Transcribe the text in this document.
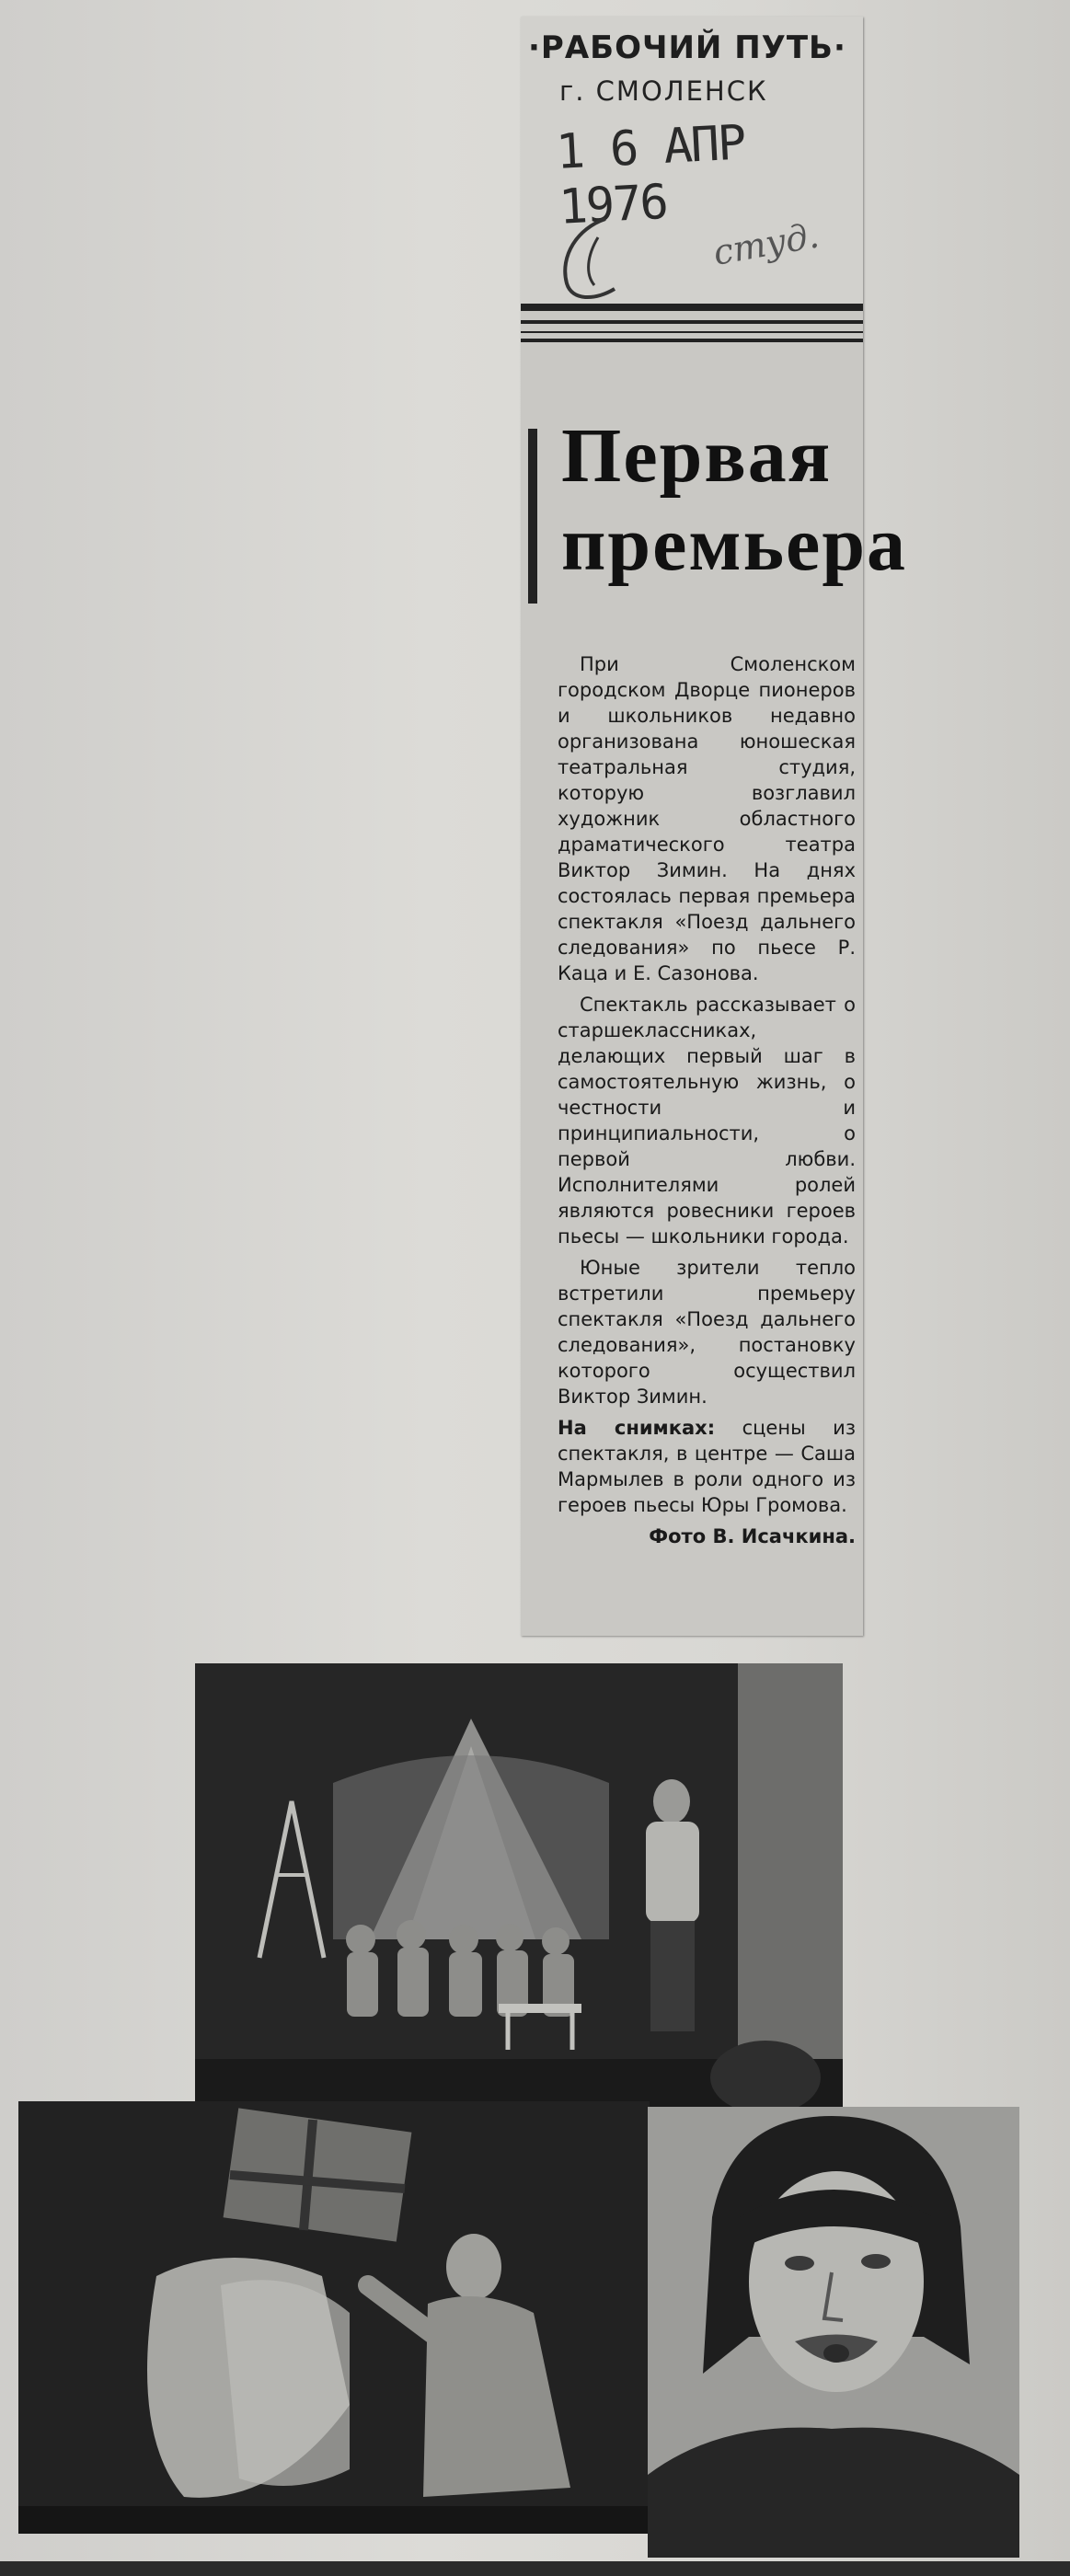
·РАБОЧИЙ ПУТЬ·
г. СМОЛЕНСК
1 6 АПР 1976
студ.
Первая
премьера

При Смоленском городском Дворце пионеров и школьников недавно организована юношеская театральная студия, которую возглавил художник областного драматического театра Виктор Зимин. На днях состоялась первая премьера спектакля «Поезд дальнего следования» по пьесе Р. Каца и Е. Сазонова.

Спектакль рассказывает о старшеклассниках, делающих первый шаг в самостоятельную жизнь, о честности и принципиальности, о первой любви. Исполнителями ролей являются ровесники героев пьесы — школьники города.

Юные зрители тепло встретили премьеру спектакля «Поезд дальнего следования», постановку которого осуществил Виктор Зимин.

На снимках: сцены из спектакля, в центре — Саша Мармылев в роли одного из героев пьесы Юры Громова.

Фото В. Исачкина.
